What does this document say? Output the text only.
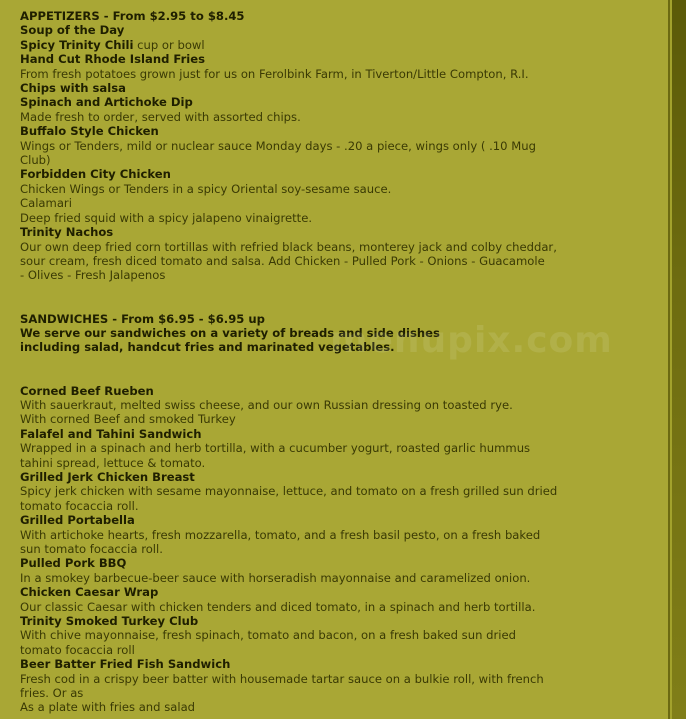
APPETIZERS - From $2.95 to $8.45
Soup of the Day
Spicy Trinity Chili cup or bowl
Hand Cut Rhode Island Fries
From fresh potatoes grown just for us on Ferolbink Farm, in Tiverton/Little Compton, R.I.
Chips with salsa
Spinach and Artichoke Dip
Made fresh to order, served with assorted chips.
Buffalo Style Chicken
Wings or Tenders, mild or nuclear sauce Monday days - .20 a piece, wings only ( .10 Mug
Club)
Forbidden City Chicken
Chicken Wings or Tenders in a spicy Oriental soy-sesame sauce.
Calamari
Deep fried squid with a spicy jalapeno vinaigrette.
Trinity Nachos
Our own deep fried corn tortillas with refried black beans, monterey jack and colby cheddar,
sour cream, fresh diced tomato and salsa. Add Chicken - Pulled Pork - Onions - Guacamole
- Olives - Fresh Jalapenos
SANDWICHES - From $6.95 - $6.95 up
We serve our sandwiches on a variety of breads and side dishes
including salad, handcut fries and marinated vegetables.
Corned Beef Rueben
With sauerkraut, melted swiss cheese, and our own Russian dressing on toasted rye.
With corned Beef and smoked Turkey
Falafel and Tahini Sandwich
Wrapped in a spinach and herb tortilla, with a cucumber yogurt, roasted garlic hummus
tahini spread, lettuce & tomato.
Grilled Jerk Chicken Breast
Spicy jerk chicken with sesame mayonnaise, lettuce, and tomato on a fresh grilled sun dried
tomato focaccia roll.
Grilled Portabella
With artichoke hearts, fresh mozzarella, tomato, and a fresh basil pesto, on a fresh baked
sun tomato focaccia roll.
Pulled Pork BBQ
In a smokey barbecue-beer sauce with horseradish mayonnaise and caramelized onion.
Chicken Caesar Wrap
Our classic Caesar with chicken tenders and diced tomato, in a spinach and herb tortilla.
Trinity Smoked Turkey Club
With chive mayonnaise, fresh spinach, tomato and bacon, on a fresh baked sun dried
tomato focaccia roll
Beer Batter Fried Fish Sandwich
Fresh cod in a crispy beer batter with housemade tartar sauce on a bulkie roll, with french
fries. Or as
As a plate with fries and salad
menupix.com
